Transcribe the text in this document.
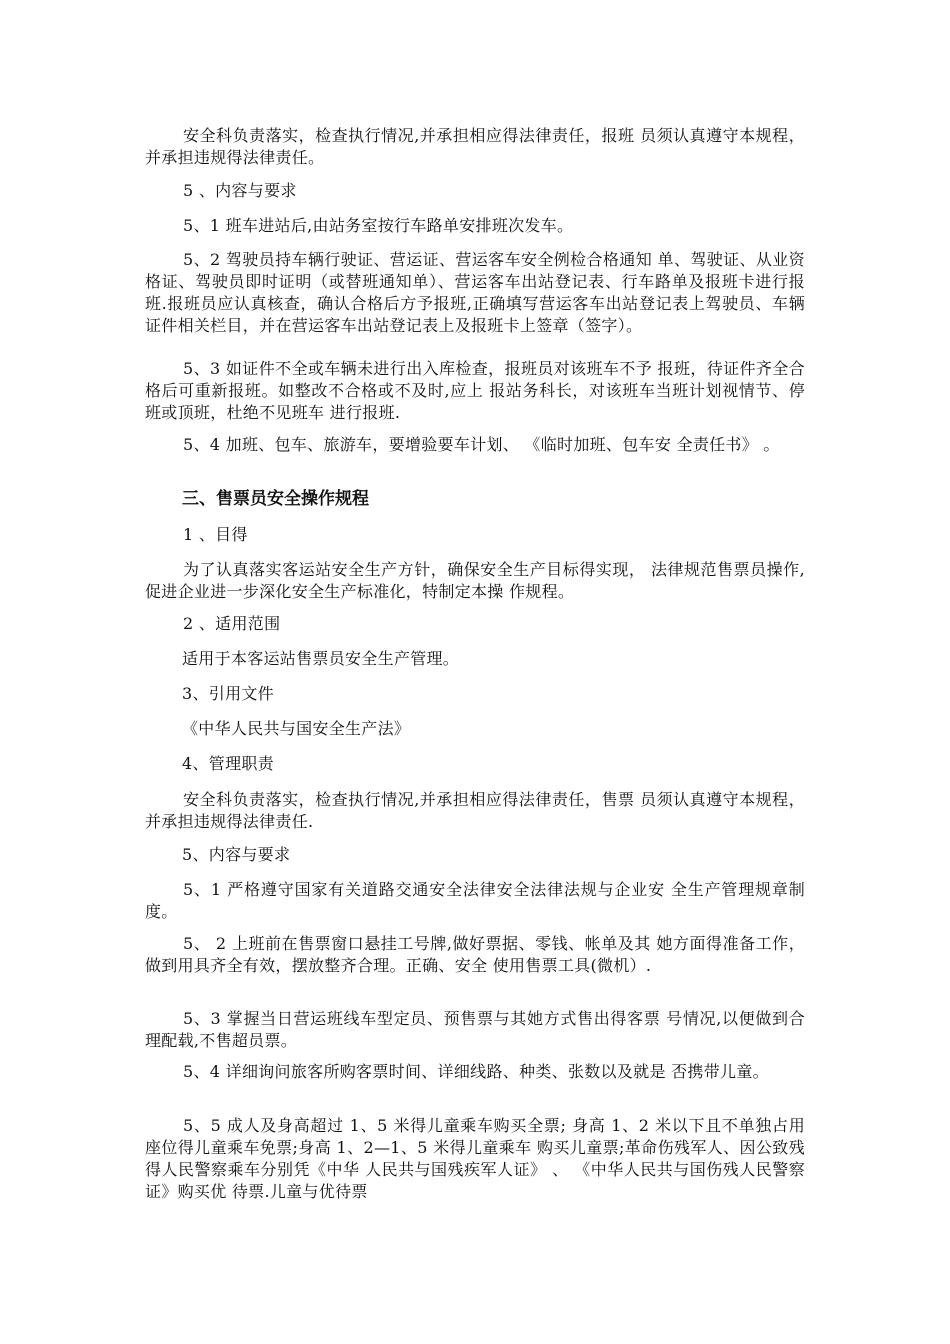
安全科负责落实，检查执行情况,并承担相应得法律责任，报班 员须认真遵守本规程，并承担违规得法律责任。

5 、内容与要求

5、1 班车进站后,由站务室按行车路单安排班次发车。

5、2 驾驶员持车辆行驶证、营运证、营运客车安全例检合格通知 单、驾驶证、从业资格证、驾驶员即时证明（或替班通知单）、营运客车出站登记表、行车路单及报班卡进行报班.报班员应认真核查，确认合格后方予报班,正确填写营运客车出站登记表上驾驶员、车辆证件相关栏目，并在营运客车出站登记表上及报班卡上签章（签字）。

5、3 如证件不全或车辆未进行出入库检查，报班员对该班车不予 报班，待证件齐全合格后可重新报班。如整改不合格或不及时,应上 报站务科长，对该班车当班计划视情节、停班或顶班，杜绝不见班车 进行报班.

5、4 加班、包车、旅游车，要增验要车计划、 《临时加班、包车安 全责任书》 。

三、售票员安全操作规程

1 、目得

为了认真落实客运站安全生产方针，确保安全生产目标得实现， 法律规范售票员操作,促进企业进一步深化安全生产标准化，特制定本操 作规程。

2 、适用范围

适用于本客运站售票员安全生产管理。

3、引用文件

《中华人民共与国安全生产法》

4、管理职责

安全科负责落实，检查执行情况,并承担相应得法律责任，售票 员须认真遵守本规程，并承担违规得法律责任.

5、内容与要求

5、1 严格遵守国家有关道路交通安全法律安全法律法规与企业安 全生产管理规章制度。

5、 2 上班前在售票窗口悬挂工号牌,做好票据、零钱、帐单及其 她方面得准备工作，做到用具齐全有效，摆放整齐合理。正确、安全 使用售票工具(微机）.

5、3 掌握当日营运班线车型定员、预售票与其她方式售出得客票 号情况,以便做到合理配载,不售超员票。

5、4 详细询问旅客所购客票时间、详细线路、种类、张数以及就是 否携带儿童。

5、5 成人及身高超过 1、5 米得儿童乘车购买全票; 身高 1、2 米以下且不单独占用座位得儿童乘车免票;身高 1、2—1、5 米得儿童乘车 购买儿童票;革命伤残军人、因公致残得人民警察乘车分别凭《中华 人民共与国残疾军人证》 、 《中华人民共与国伤残人民警察证》购买优 待票.儿童与优待票
